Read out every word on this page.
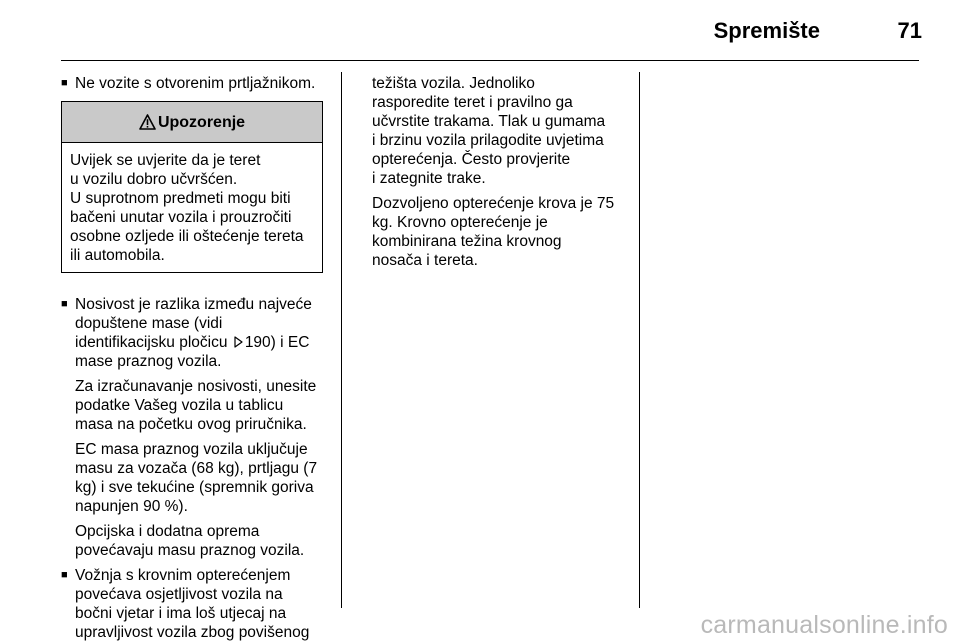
Spremište	71

■ Ne vozite s otvorenim prtljažnikom.

Upozorenje
Uvijek se uvjerite da je teret
u vozilu dobro učvršćen.
U suprotnom predmeti mogu biti
bačeni unutar vozila i prouzročiti
osobne ozljede ili oštećenje tereta
ili automobila.
■ Nosivost je razlika između najveće
dopuštene mase (vidi
identifikacijsku pločicu 190) i EC
mase praznog vozila.
Za izračunavanje nosivosti, unesite
podatke Vašeg vozila u tablicu
masa na početku ovog priručnika.
EC masa praznog vozila uključuje
masu za vozača (68 kg), prtljagu (7
kg) i sve tekućine (spremnik goriva
napunjen 90 %).
Opcijska i dodatna oprema
povećavaju masu praznog vozila.
■ Vožnja s krovnim opterećenjem
povećava osjetljivost vozila na
bočni vjetar i ima loš utjecaj na
upravljivost vozila zbog povišenog
težišta vozila. Jednoliko
rasporedite teret i pravilno ga
učvrstite trakama. Tlak u gumama
i brzinu vozila prilagodite uvjetima
opterećenja. Često provjerite
i zategnite trake.
Dozvoljeno opterećenje krova je 75
kg. Krovno opterećenje je
kombinirana težina krovnog
nosača i tereta.
carmanualsonline.info
